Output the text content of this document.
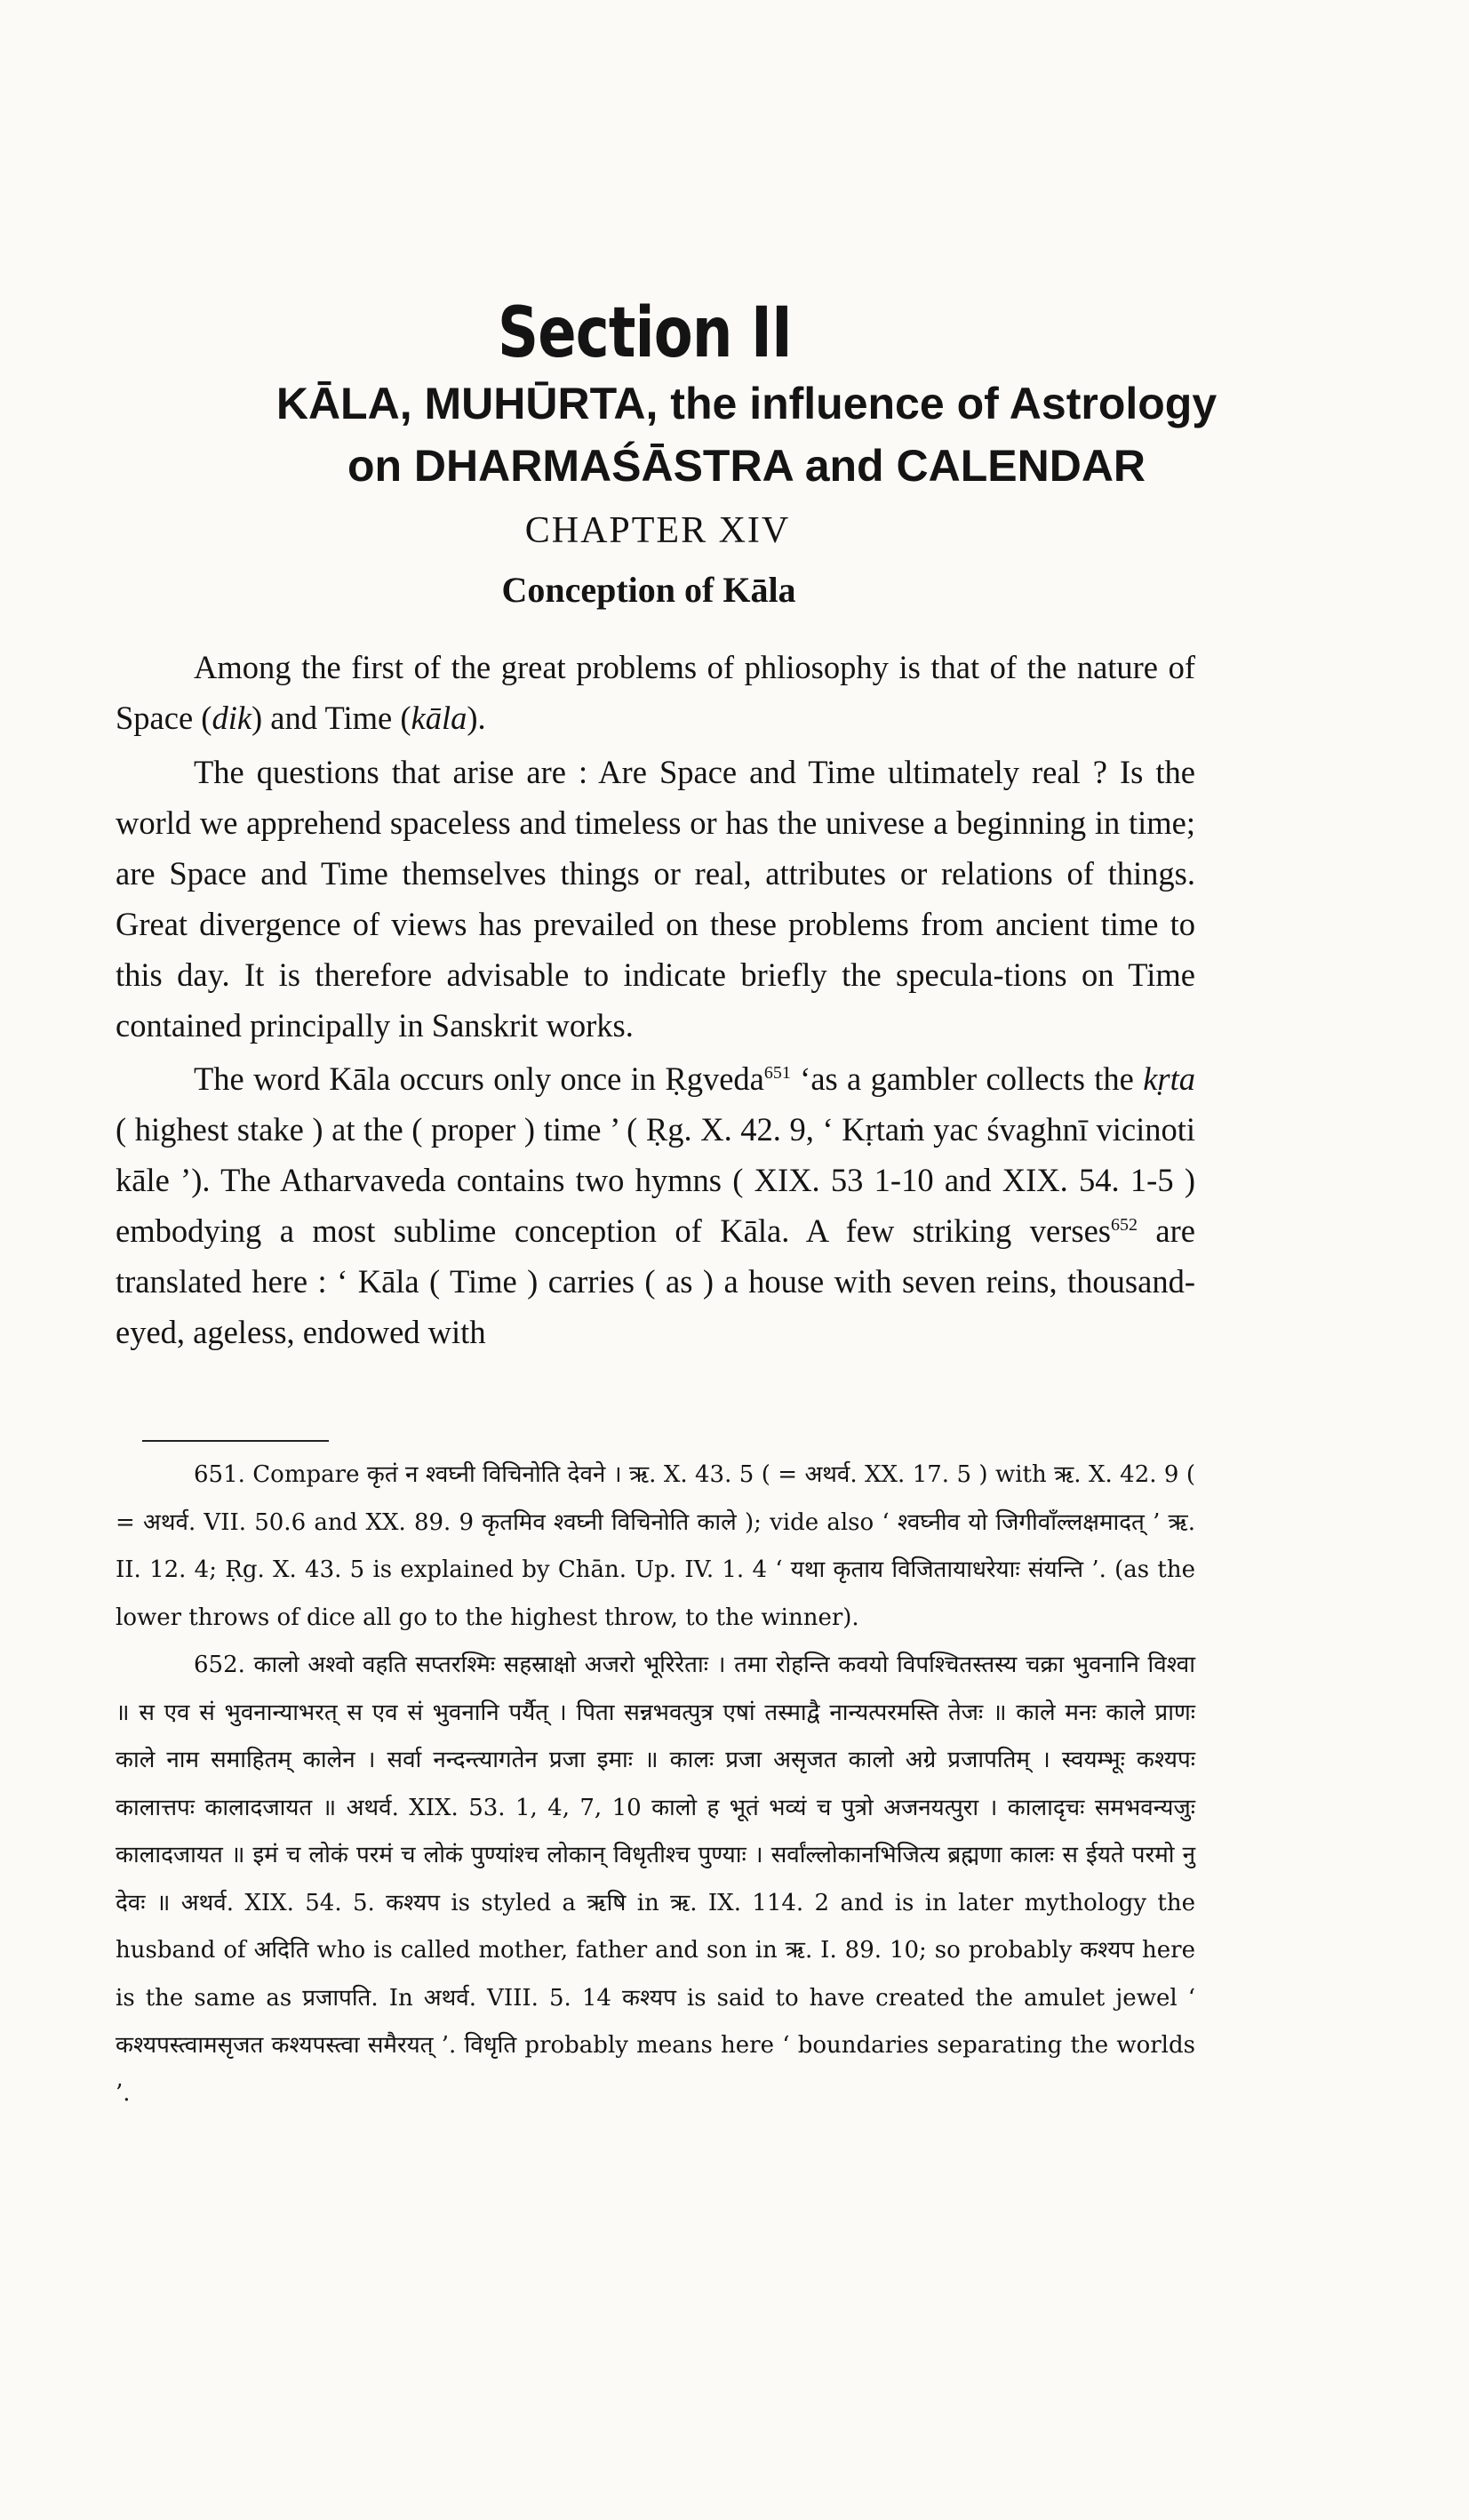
Section II
KĀLA, MUHŪRTA, the influence of Astrology
on DHARMAŚĀSTRA and CALENDAR
CHAPTER XIV
Conception of Kāla

Among the first of the great problems of phliosophy is that of the nature of Space (dik) and Time (kāla).

The questions that arise are : Are Space and Time ultimately real ? Is the world we apprehend spaceless and timeless or has the univese a beginning in time; are Space and Time themselves things or real, attributes or relations of things. Great divergence of views has prevailed on these problems from ancient time to this day. It is therefore advisable to indicate briefly the specula-tions on Time contained principally in Sanskrit works.

The word Kāla occurs only once in Ṛgveda$^{651}$ ‘as a gambler collects the kṛta ( highest stake ) at the ( proper ) time ’ ( Ṛg. X. 42. 9, ‘ Kṛtaṁ yac śvaghnī vicinoti kāle ’). The Atharvaveda contains two hymns ( XIX. 53 1-10 and XIX. 54. 1-5 ) embodying a most sublime conception of Kāla. A few striking verses$^{652}$ are translated here : ‘ Kāla ( Time ) carries ( as ) a house with seven reins, thousand-eyed, ageless, endowed with

651. Compare कृतं न श्वघ्नी विचिनोति देवने । ऋ. X. 43. 5 ( = अथर्व. XX. 17. 5 ) with ऋ. X. 42. 9 ( = अथर्व. VII. 50.6 and XX. 89. 9 कृतमिव श्वघ्नी विचिनोति काले ); vide also ‘ श्वघ्नीव यो जिगीवाँल्लक्षमादत् ’ ऋ. II. 12. 4; Ṛg. X. 43. 5 is explained by Chān. Up. IV. 1. 4 ‘ यथा कृताय विजितायाधरेयाः संयन्ति ’. (as the lower throws of dice all go to the highest throw, to the winner).

652. कालो अश्वो वहति सप्तरश्मिः सहस्राक्षो अजरो भूरिरेताः । तमा रोहन्ति कवयो विपश्चितस्तस्य चक्रा भुवनानि विश्वा ॥ स एव सं भुवनान्याभरत् स एव सं भुवनानि पर्यैत् । पिता सन्नभवत्पुत्र एषां तस्माद्वै नान्यत्परमस्ति तेजः ॥ काले मनः काले प्राणः काले नाम समाहितम् कालेन । सर्वा नन्दन्त्यागतेन प्रजा इमाः ॥ कालः प्रजा असृजत कालो अग्रे प्रजापतिम् । स्वयम्भूः कश्यपः कालात्तपः कालादजायत ॥ अथर्व. XIX. 53. 1, 4, 7, 10 कालो ह भूतं भव्यं च पुत्रो अजनयत्पुरा । कालादृचः समभवन्यजुः कालादजायत ॥ इमं च लोकं परमं च लोकं पुण्यांश्च लोकान् विधृतीश्च पुण्याः । सर्वांल्लोकानभिजित्य ब्रह्मणा कालः स ईयते परमो नु देवः ॥ अथर्व. XIX. 54. 5. कश्यप is styled a ऋषि in ऋ. IX. 114. 2 and is in later mythology the husband of अदिति who is called mother, father and son in ऋ. I. 89. 10; so probably कश्यप here is the same as प्रजापति. In अथर्व. VIII. 5. 14 कश्यप is said to have created the amulet jewel ‘ कश्यपस्त्वामसृजत कश्यपस्त्वा समैरयत् ’. विधृति probably means here ‘ boundaries separating the worlds ’.
